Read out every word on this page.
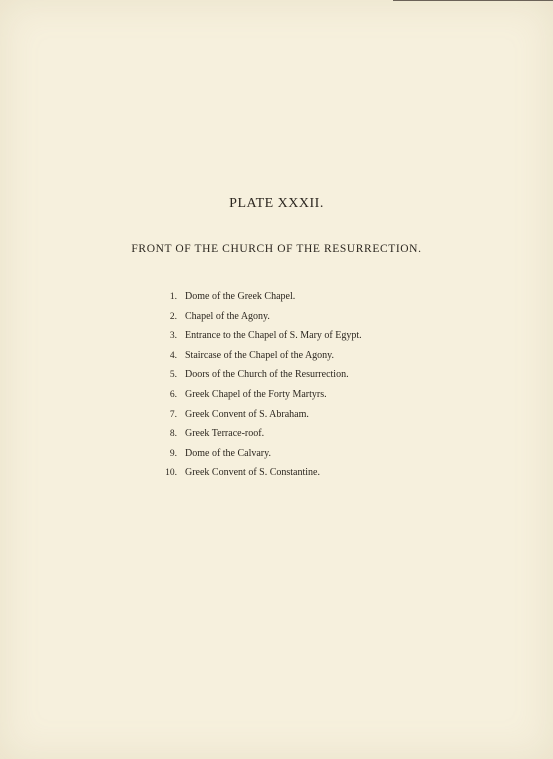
PLATE XXXII.
FRONT OF THE CHURCH OF THE RESURRECTION.
1. Dome of the Greek Chapel.
2. Chapel of the Agony.
3. Entrance to the Chapel of S. Mary of Egypt.
4. Staircase of the Chapel of the Agony.
5. Doors of the Church of the Resurrection.
6. Greek Chapel of the Forty Martyrs.
7. Greek Convent of S. Abraham.
8. Greek Terrace-roof.
9. Dome of the Calvary.
10. Greek Convent of S. Constantine.
